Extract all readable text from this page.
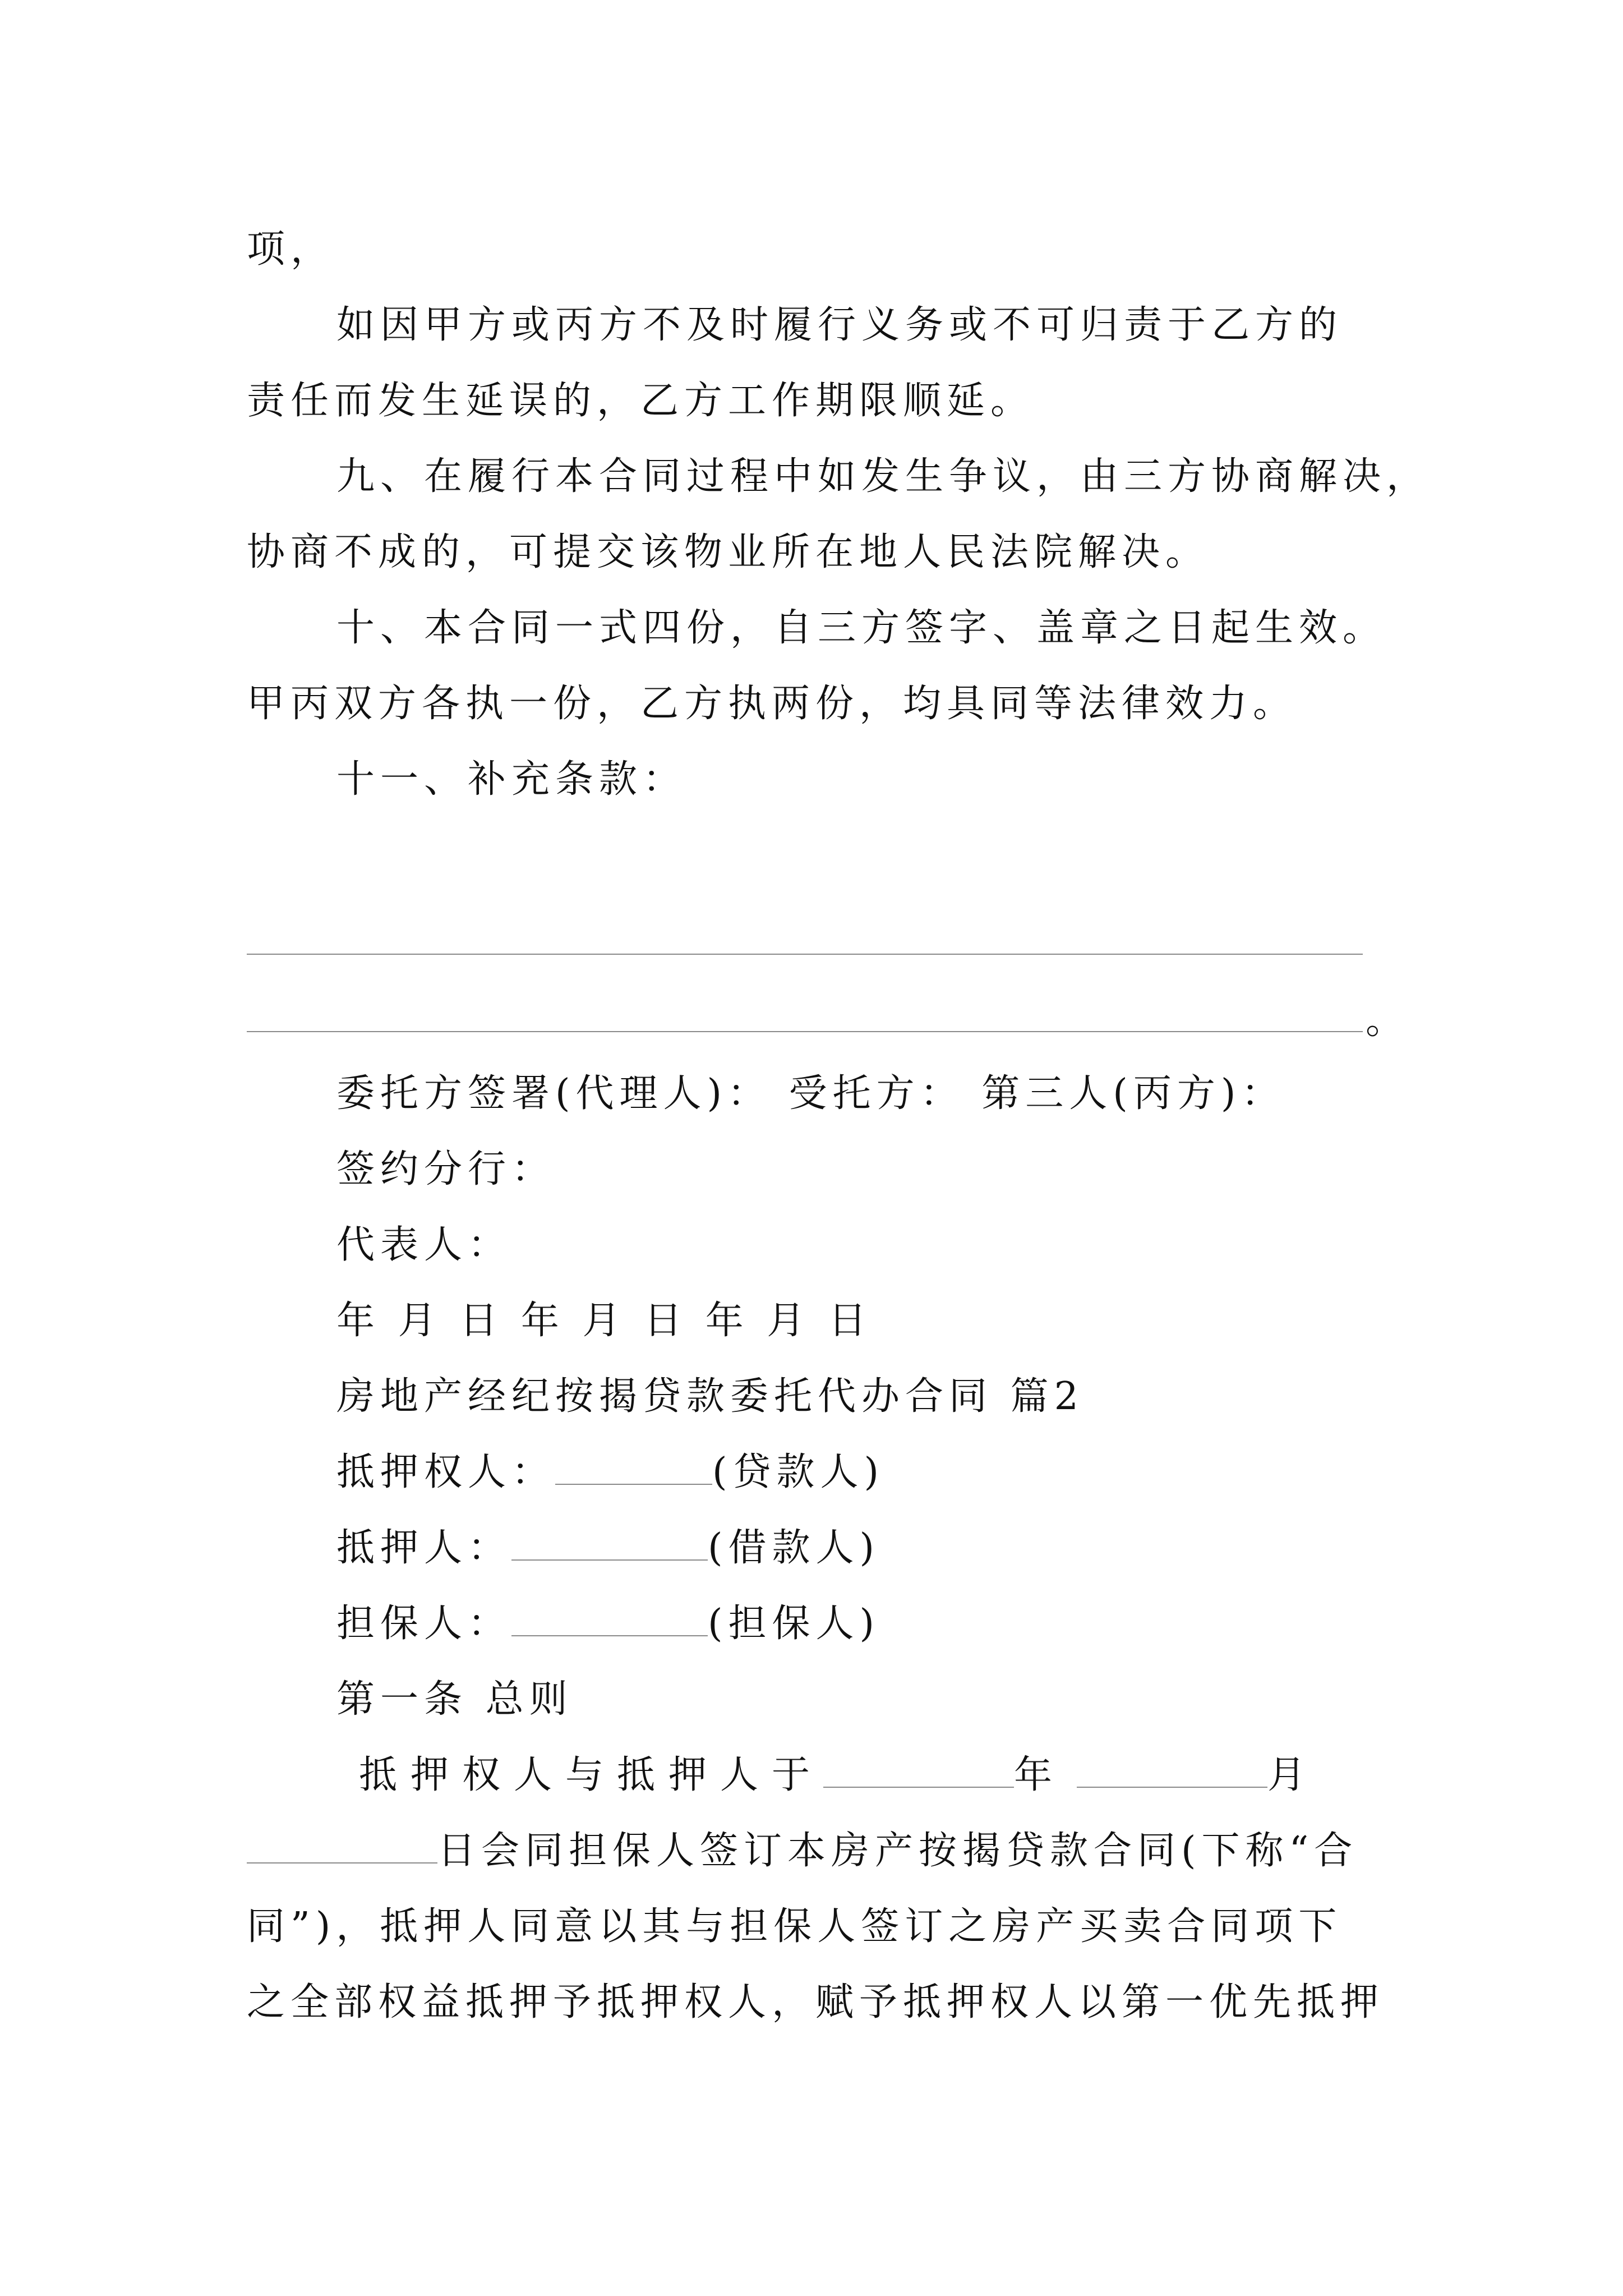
项，
如因甲方或丙方不及时履行义务或不可归责于乙方的
责任而发生延误的，乙方工作期限顺延。
九、在履行本合同过程中如发生争议，由三方协商解决，
协商不成的，可提交该物业所在地人民法院解决。
十、本合同一式四份，自三方签字、盖章之日起生效。
甲丙双方各执一份，乙方执两份，均具同等法律效力。
十一、补充条款：
。
委托方签署(代理人)： 受托方： 第三人(丙方)：
签约分行：
代表人：
年 月 日 年 月 日 年 月 日
房地产经纪按揭贷款委托代办合同 篇2
抵押权人：	(贷款人)
抵押人：	(借款人)
担保人：	(担保人)
第一条 总则
抵押权人与抵押人于	年	月
日会同担保人签订本房产按揭贷款合同(下称“合
同”)，抵押人同意以其与担保人签订之房产买卖合同项下
之全部权益抵押予抵押权人，赋予抵押权人以第一优先抵押
